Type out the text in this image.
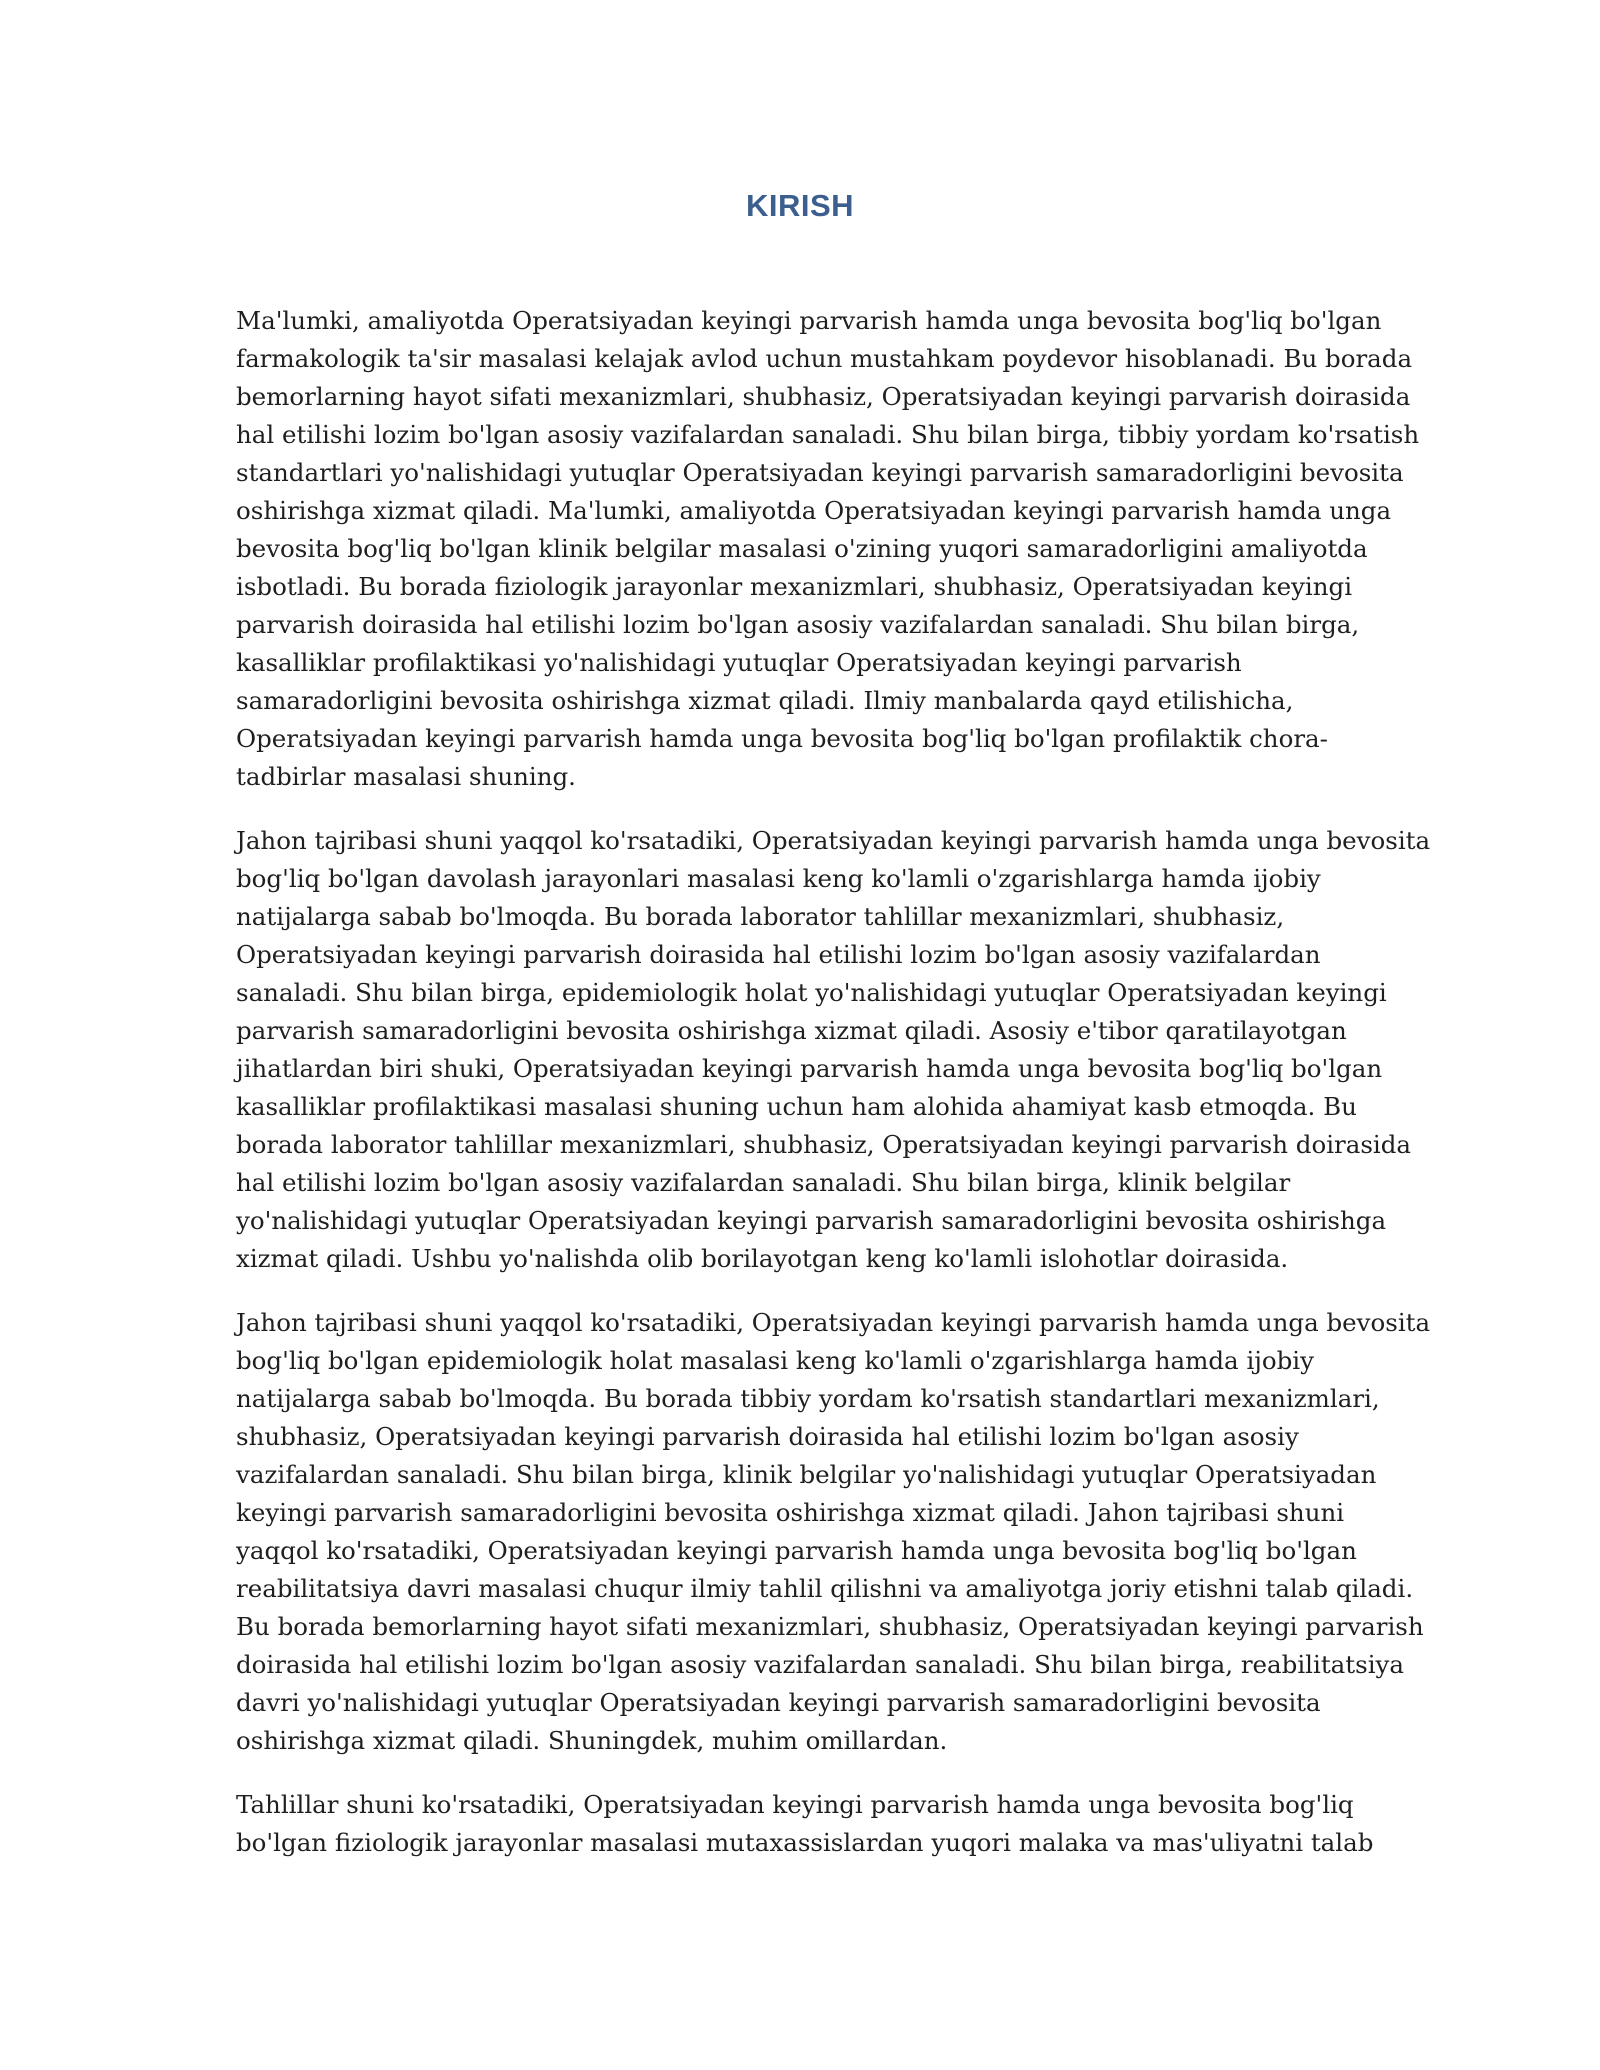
KIRISH

Ma'lumki, amaliyotda Operatsiyadan keyingi parvarish hamda unga bevosita bog'liq bo'lgan
farmakologik ta'sir masalasi kelajak avlod uchun mustahkam poydevor hisoblanadi. Bu borada
bemorlarning hayot sifati mexanizmlari, shubhasiz, Operatsiyadan keyingi parvarish doirasida
hal etilishi lozim bo'lgan asosiy vazifalardan sanaladi. Shu bilan birga, tibbiy yordam ko'rsatish
standartlari yo'nalishidagi yutuqlar Operatsiyadan keyingi parvarish samaradorligini bevosita
oshirishga xizmat qiladi. Ma'lumki, amaliyotda Operatsiyadan keyingi parvarish hamda unga
bevosita bog'liq bo'lgan klinik belgilar masalasi o'zining yuqori samaradorligini amaliyotda
isbotladi. Bu borada fiziologik jarayonlar mexanizmlari, shubhasiz, Operatsiyadan keyingi
parvarish doirasida hal etilishi lozim bo'lgan asosiy vazifalardan sanaladi. Shu bilan birga,
kasalliklar profilaktikasi yo'nalishidagi yutuqlar Operatsiyadan keyingi parvarish
samaradorligini bevosita oshirishga xizmat qiladi. Ilmiy manbalarda qayd etilishicha,
Operatsiyadan keyingi parvarish hamda unga bevosita bog'liq bo'lgan profilaktik chora-
tadbirlar masalasi shuning.

Jahon tajribasi shuni yaqqol ko'rsatadiki, Operatsiyadan keyingi parvarish hamda unga bevosita
bog'liq bo'lgan davolash jarayonlari masalasi keng ko'lamli o'zgarishlarga hamda ijobiy
natijalarga sabab bo'lmoqda. Bu borada laborator tahlillar mexanizmlari, shubhasiz,
Operatsiyadan keyingi parvarish doirasida hal etilishi lozim bo'lgan asosiy vazifalardan
sanaladi. Shu bilan birga, epidemiologik holat yo'nalishidagi yutuqlar Operatsiyadan keyingi
parvarish samaradorligini bevosita oshirishga xizmat qiladi. Asosiy e'tibor qaratilayotgan
jihatlardan biri shuki, Operatsiyadan keyingi parvarish hamda unga bevosita bog'liq bo'lgan
kasalliklar profilaktikasi masalasi shuning uchun ham alohida ahamiyat kasb etmoqda. Bu
borada laborator tahlillar mexanizmlari, shubhasiz, Operatsiyadan keyingi parvarish doirasida
hal etilishi lozim bo'lgan asosiy vazifalardan sanaladi. Shu bilan birga, klinik belgilar
yo'nalishidagi yutuqlar Operatsiyadan keyingi parvarish samaradorligini bevosita oshirishga
xizmat qiladi. Ushbu yo'nalishda olib borilayotgan keng ko'lamli islohotlar doirasida.

Jahon tajribasi shuni yaqqol ko'rsatadiki, Operatsiyadan keyingi parvarish hamda unga bevosita
bog'liq bo'lgan epidemiologik holat masalasi keng ko'lamli o'zgarishlarga hamda ijobiy
natijalarga sabab bo'lmoqda. Bu borada tibbiy yordam ko'rsatish standartlari mexanizmlari,
shubhasiz, Operatsiyadan keyingi parvarish doirasida hal etilishi lozim bo'lgan asosiy
vazifalardan sanaladi. Shu bilan birga, klinik belgilar yo'nalishidagi yutuqlar Operatsiyadan
keyingi parvarish samaradorligini bevosita oshirishga xizmat qiladi. Jahon tajribasi shuni
yaqqol ko'rsatadiki, Operatsiyadan keyingi parvarish hamda unga bevosita bog'liq bo'lgan
reabilitatsiya davri masalasi chuqur ilmiy tahlil qilishni va amaliyotga joriy etishni talab qiladi.
Bu borada bemorlarning hayot sifati mexanizmlari, shubhasiz, Operatsiyadan keyingi parvarish
doirasida hal etilishi lozim bo'lgan asosiy vazifalardan sanaladi. Shu bilan birga, reabilitatsiya
davri yo'nalishidagi yutuqlar Operatsiyadan keyingi parvarish samaradorligini bevosita
oshirishga xizmat qiladi. Shuningdek, muhim omillardan.

Tahlillar shuni ko'rsatadiki, Operatsiyadan keyingi parvarish hamda unga bevosita bog'liq
bo'lgan fiziologik jarayonlar masalasi mutaxassislardan yuqori malaka va mas'uliyatni talab
